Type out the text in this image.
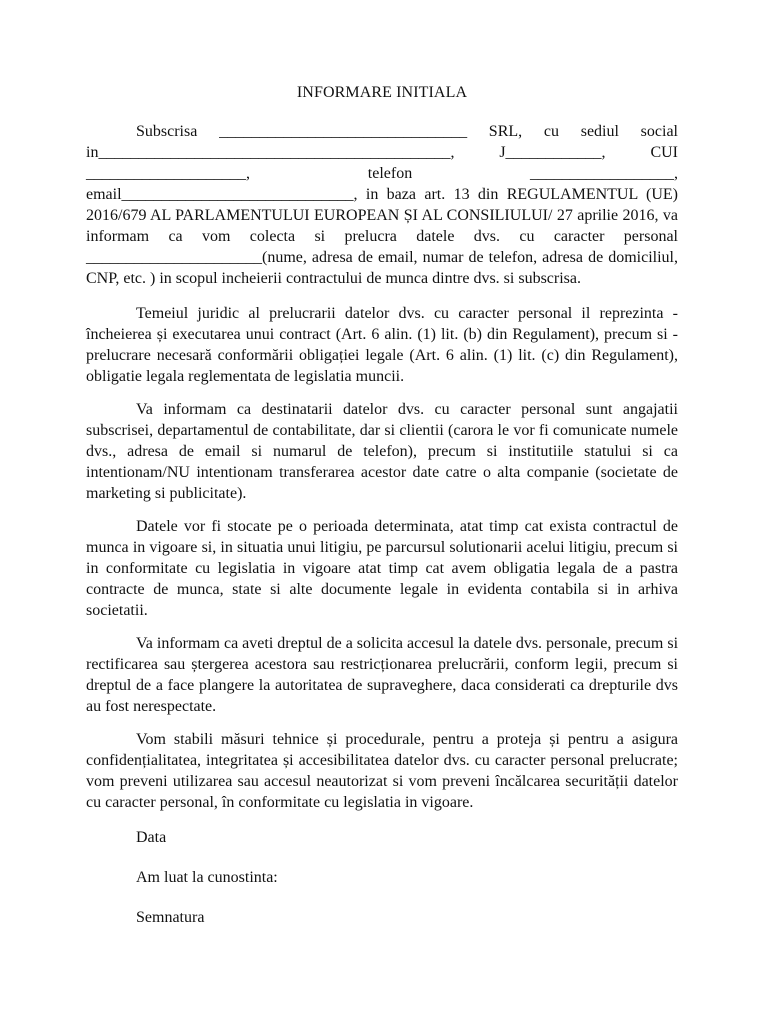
INFORMARE INITIALA
Subscrisa _______________________________ SRL, cu sediul social in____________________________________________, J____________, CUI ____________________, telefon __________________, email_____________________________, in baza art. 13 din REGULAMENTUL (UE) 2016/679 AL PARLAMENTULUI EUROPEAN ȘI AL CONSILIULUI/ 27 aprilie 2016, va informam ca vom colecta si prelucra datele dvs. cu caracter personal ______________________(nume, adresa de email, numar de telefon, adresa de domiciliul, CNP, etc. ) in scopul incheierii contractului de munca dintre dvs. si subscrisa.
Temeiul juridic al prelucrarii datelor dvs. cu caracter personal il reprezinta - încheierea și executarea unui contract (Art. 6 alin. (1) lit. (b) din Regulament), precum si - prelucrare necesară conformării obligației legale (Art. 6 alin. (1) lit. (c) din Regulament), obligatie legala reglementata de legislatia muncii.
Va informam ca destinatarii datelor dvs. cu caracter personal sunt angajatii subscrisei, departamentul de contabilitate, dar si clientii (carora le vor fi comunicate numele dvs., adresa de email si numarul de telefon), precum si institutiile statului si ca intentionam/NU intentionam transferarea acestor date catre o alta companie (societate de marketing si publicitate).
Datele vor fi stocate pe o perioada determinata, atat timp cat exista contractul de munca in vigoare si, in situatia unui litigiu, pe parcursul solutionarii acelui litigiu, precum si in conformitate cu legislatia in vigoare atat timp cat avem obligatia legala de a pastra contracte de munca, state si alte documente legale in evidenta contabila si in arhiva societatii.
Va informam ca aveti dreptul de a solicita accesul la datele dvs. personale, precum si rectificarea sau ștergerea acestora sau restricționarea prelucrării, conform legii, precum si dreptul de a face plangere la autoritatea de supraveghere, daca considerati ca drepturile dvs au fost nerespectate.
Vom stabili măsuri tehnice și procedurale, pentru a proteja și pentru a asigura confidențialitatea, integritatea și accesibilitatea datelor dvs. cu caracter personal prelucrate; vom preveni utilizarea sau accesul neautorizat si vom preveni încălcarea securității datelor cu caracter personal, în conformitate cu legislatia in vigoare.
Data
Am luat la cunostinta:
Semnatura
